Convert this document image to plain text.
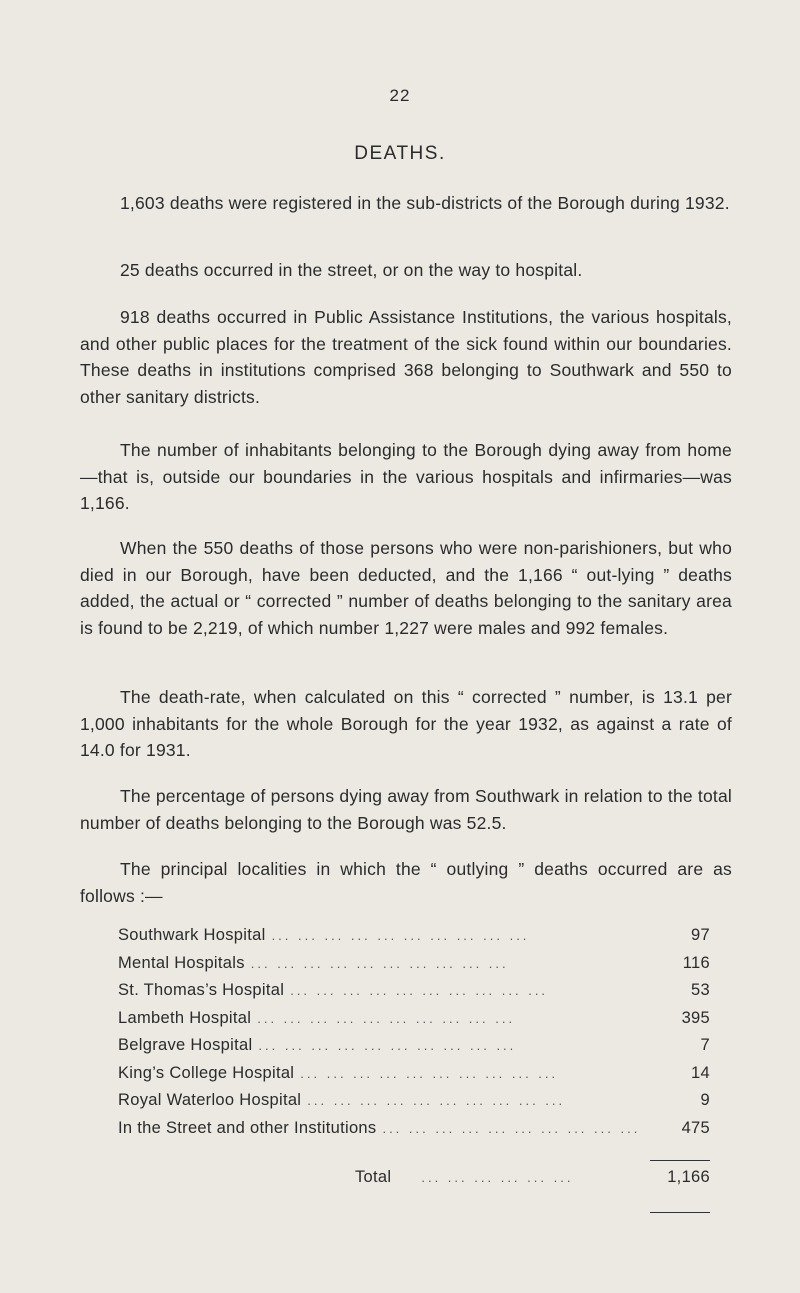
22
DEATHS.
1,603 deaths were registered in the sub-districts of the Borough during 1932.
25 deaths occurred in the street, or on the way to hospital.
918 deaths occurred in Public Assistance Institutions, the various hospitals, and other public places for the treatment of the sick found within our boundaries. These deaths in institutions comprised 368 belonging to Southwark and 550 to other sanitary districts.
The number of inhabitants belonging to the Borough dying away from home—that is, outside our boundaries in the various hospitals and infirmaries—was 1,166.
When the 550 deaths of those persons who were non-parishioners, but who died in our Borough, have been deducted, and the 1,166 “ out-lying ” deaths added, the actual or “ corrected ” number of deaths belonging to the sanitary area is found to be 2,219, of which number 1,227 were males and 992 females.
The death-rate, when calculated on this “ corrected ” number, is 13.1 per 1,000 inhabitants for the whole Borough for the year 1932, as against a rate of 14.0 for 1931.
The percentage of persons dying away from Southwark in relation to the total number of deaths belonging to the Borough was 52.5.
The principal localities in which the “ outlying ” deaths occurred are as follows :—
Southwark Hospital ... ... ... ... ... ... ... ... ... ...	97
Mental Hospitals ... ... ... ... ... ... ... ... ... ...	116
St. Thomas’s Hospital ... ... ... ... ... ... ... ... ... ...	53
Lambeth Hospital ... ... ... ... ... ... ... ... ... ...	395
Belgrave Hospital ... ... ... ... ... ... ... ... ... ...	7
King’s College Hospital ... ... ... ... ... ... ... ... ... ...	14
Royal Waterloo Hospital ... ... ... ... ... ... ... ... ... ...	9
In the Street and other Institutions ... ... ... ... ... ... ... ... ... ...	475
Total	... ... ... ... ... ...	1,166
